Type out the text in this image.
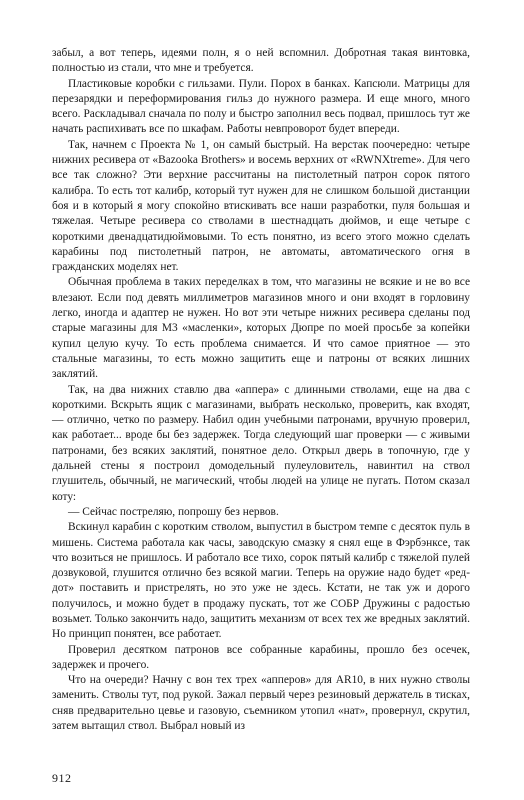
забыл, а вот теперь, идеями полн, я о ней вспомнил. Добротная такая винтовка, полностью из стали, что мне и требуется.

Пластиковые коробки с гильзами. Пули. Порох в банках. Капсюли. Матрицы для перезарядки и переформирования гильз до нужного размера. И еще много, много всего. Раскладывал сначала по полу и быстро заполнил весь подвал, пришлось тут же начать распихивать все по шкафам. Работы невпроворот будет впереди.

Так, начнем с Проекта № 1, он самый быстрый. На верстак поочередно: четыре нижних ресивера от «Bazooka Brothers» и восемь верхних от «RWNXtreme». Для чего все так сложно? Эти верхние рассчитаны на пистолетный патрон сорок пятого калибра. То есть тот калибр, который тут нужен для не слишком большой дистанции боя и в который я могу спокойно втискивать все наши разработки, пуля большая и тяжелая. Четыре ресивера со стволами в шестнадцать дюймов, и еще четыре с короткими двенадцатидюймовыми. То есть понятно, из всего этого можно сделать карабины под пистолетный патрон, не автоматы, автоматического огня в гражданских моделях нет.

Обычная проблема в таких переделках в том, что магазины не всякие и не во все влезают. Если под девять миллиметров магазинов много и они входят в горловину легко, иногда и адаптер не нужен. Но вот эти четыре нижних ресивера сделаны под старые магазины для М3 «масленки», которых Дюпре по моей просьбе за копейки купил целую кучу. То есть проблема снимается. И что самое приятное — это стальные магазины, то есть можно защитить еще и патроны от всяких лишних заклятий.

Так, на два нижних ставлю два «аппера» с длинными стволами, еще на два с короткими. Вскрыть ящик с магазинами, выбрать несколько, проверить, как входят, — отлично, четко по размеру. Набил один учебными патронами, вручную проверил, как работает... вроде бы без задержек. Тогда следующий шаг проверки — с живыми патронами, без всяких заклятий, понятное дело. Открыл дверь в топочную, где у дальней стены я построил домодельный пулеуловитель, навинтил на ствол глушитель, обычный, не магический, чтобы людей на улице не пугать. Потом сказал коту:

— Сейчас постреляю, попрошу без нервов.

Вскинул карабин с коротким стволом, выпустил в быстром темпе с десяток пуль в мишень. Система работала как часы, заводскую смазку я снял еще в Фэрбэнксе, так что возиться не пришлось. И работало все тихо, сорок пятый калибр с тяжелой пулей дозвуковой, глушится отлично без всякой магии. Теперь на оружие надо будет «ред-дот» поставить и пристрелять, но это уже не здесь. Кстати, не так уж и дорого получилось, и можно будет в продажу пускать, тот же СОБР Дружины с радостью возьмет. Только закончить надо, защитить механизм от всех тех же вредных заклятий. Но принцип понятен, все работает.

Проверил десятком патронов все собранные карабины, прошло без осечек, задержек и прочего.

Что на очереди? Начну с вон тех трех «апперов» для AR10, в них нужно стволы заменить. Стволы тут, под рукой. Зажал первый через резиновый держатель в тисках, сняв предварительно цевье и газовую, съемником утопил «нат», провернул, скрутил, затем вытащил ствол. Выбрал новый из

912
